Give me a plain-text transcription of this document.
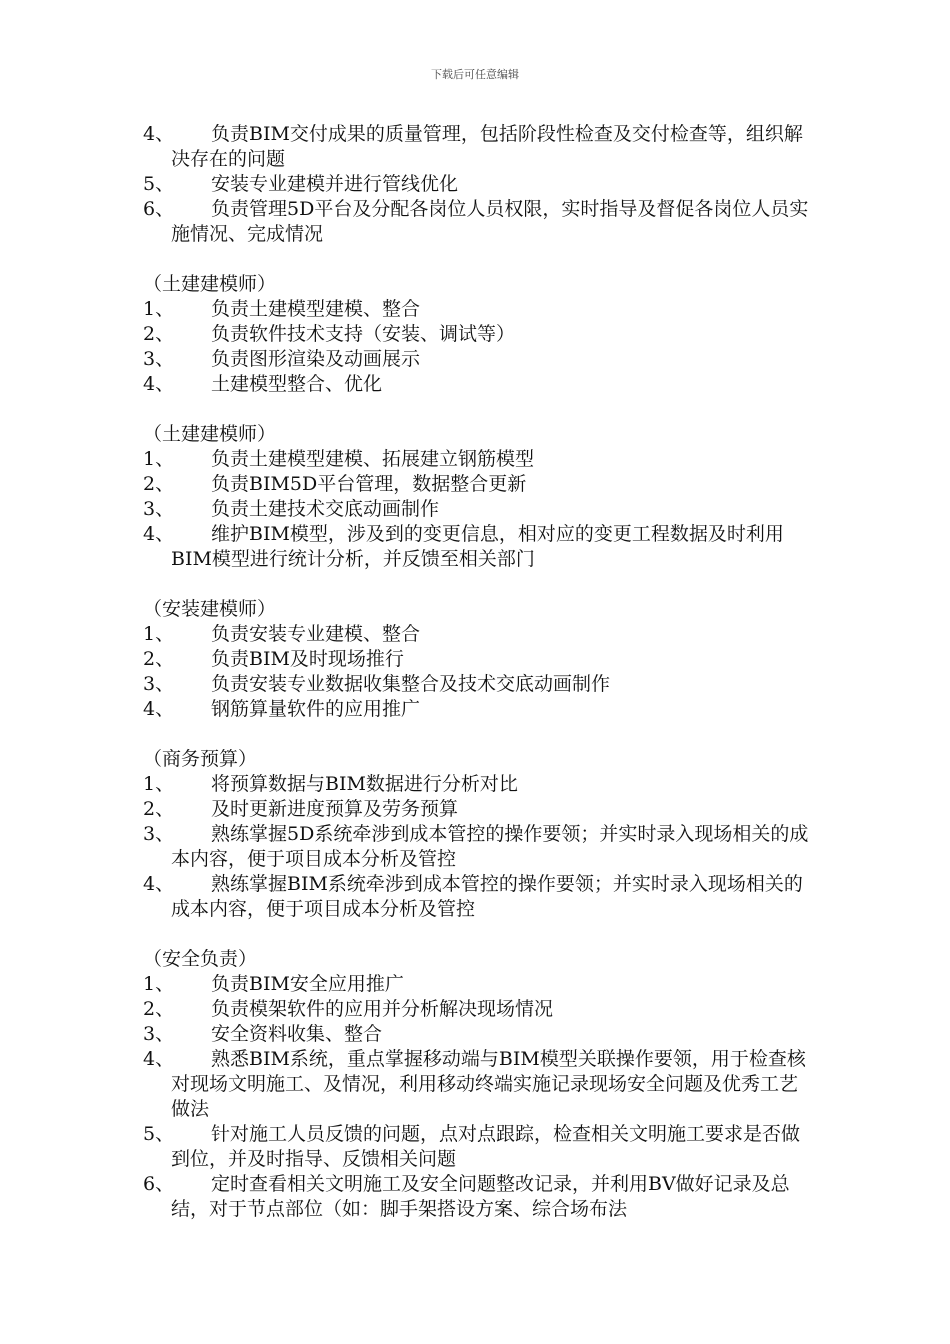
下载后可任意编辑
4、	负责BIM交付成果的质量管理，包括阶段性检查及交付检查等，组织解决存在的问题
5、	安装专业建模并进行管线优化
6、	负责管理5D平台及分配各岗位人员权限，实时指导及督促各岗位人员实施情况、完成情况
（土建建模师）
1、	负责土建模型建模、整合
2、	负责软件技术支持（安装、调试等）
3、	负责图形渲染及动画展示
4、	土建模型整合、优化
（土建建模师）
1、	负责土建模型建模、拓展建立钢筋模型
2、	负责BIM5D平台管理，数据整合更新
3、	负责土建技术交底动画制作
4、	维护BIM模型，涉及到的变更信息，相对应的变更工程数据及时利用BIM模型进行统计分析，并反馈至相关部门
（安装建模师）
1、	负责安装专业建模、整合
2、	负责BIM及时现场推行
3、	负责安装专业数据收集整合及技术交底动画制作
4、	钢筋算量软件的应用推广
（商务预算）
1、	将预算数据与BIM数据进行分析对比
2、	及时更新进度预算及劳务预算
3、	熟练掌握5D系统牵涉到成本管控的操作要领；并实时录入现场相关的成本内容，便于项目成本分析及管控
4、	熟练掌握BIM系统牵涉到成本管控的操作要领；并实时录入现场相关的成本内容，便于项目成本分析及管控
（安全负责）
1、	负责BIM安全应用推广
2、	负责模架软件的应用并分析解决现场情况
3、	安全资料收集、整合
4、	熟悉BIM系统，重点掌握移动端与BIM模型关联操作要领，用于检查核对现场文明施工、及情况，利用移动终端实施记录现场安全问题及优秀工艺做法
5、	针对施工人员反馈的问题，点对点跟踪，检查相关文明施工要求是否做到位，并及时指导、反馈相关问题
6、	定时查看相关文明施工及安全问题整改记录，并利用BV做好记录及总结，对于节点部位（如：脚手架搭设方案、综合场布法
